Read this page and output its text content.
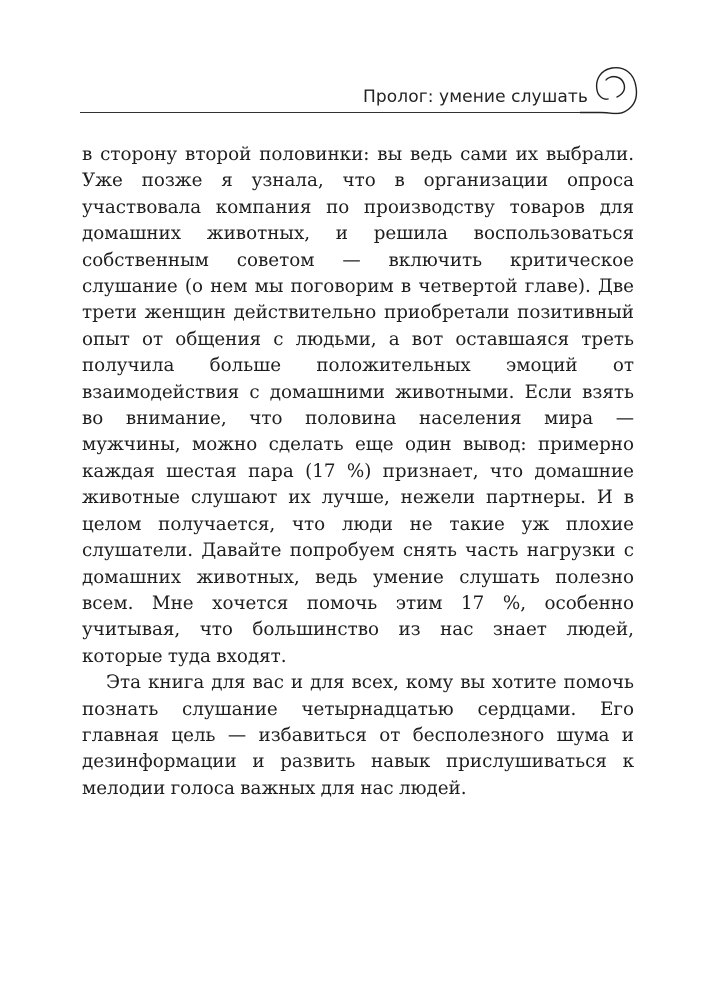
Пролог: умение слушать

в сторону второй половинки: вы ведь сами их выбрали. Уже позже я узнала, что в организации опроса участвовала компания по производству товаров для домашних животных, и решила воспользоваться собственным советом — включить критическое слушание (о нем мы поговорим в четвертой главе). Две трети женщин действительно приобретали позитивный опыт от общения с людьми, а вот оставшаяся треть получила больше положительных эмоций от взаимодействия с домашними животными. Если взять во внимание, что половина населения мира — мужчины, можно сделать еще один вывод: примерно каждая шестая пара (17 %) признает, что домашние животные слушают их лучше, нежели партнеры. И в целом получается, что люди не такие уж плохие слушатели. Давайте попробуем снять часть нагрузки с домашних животных, ведь умение слушать полезно всем. Мне хочется помочь этим 17 %, особенно учитывая, что большинство из нас знает людей, которые туда входят.

Эта книга для вас и для всех, кому вы хотите помочь познать слушание четырнадцатью сердцами. Его главная цель — избавиться от бесполезного шума и дезинформации и развить навык прислушиваться к мелодии голоса важных для нас людей.
